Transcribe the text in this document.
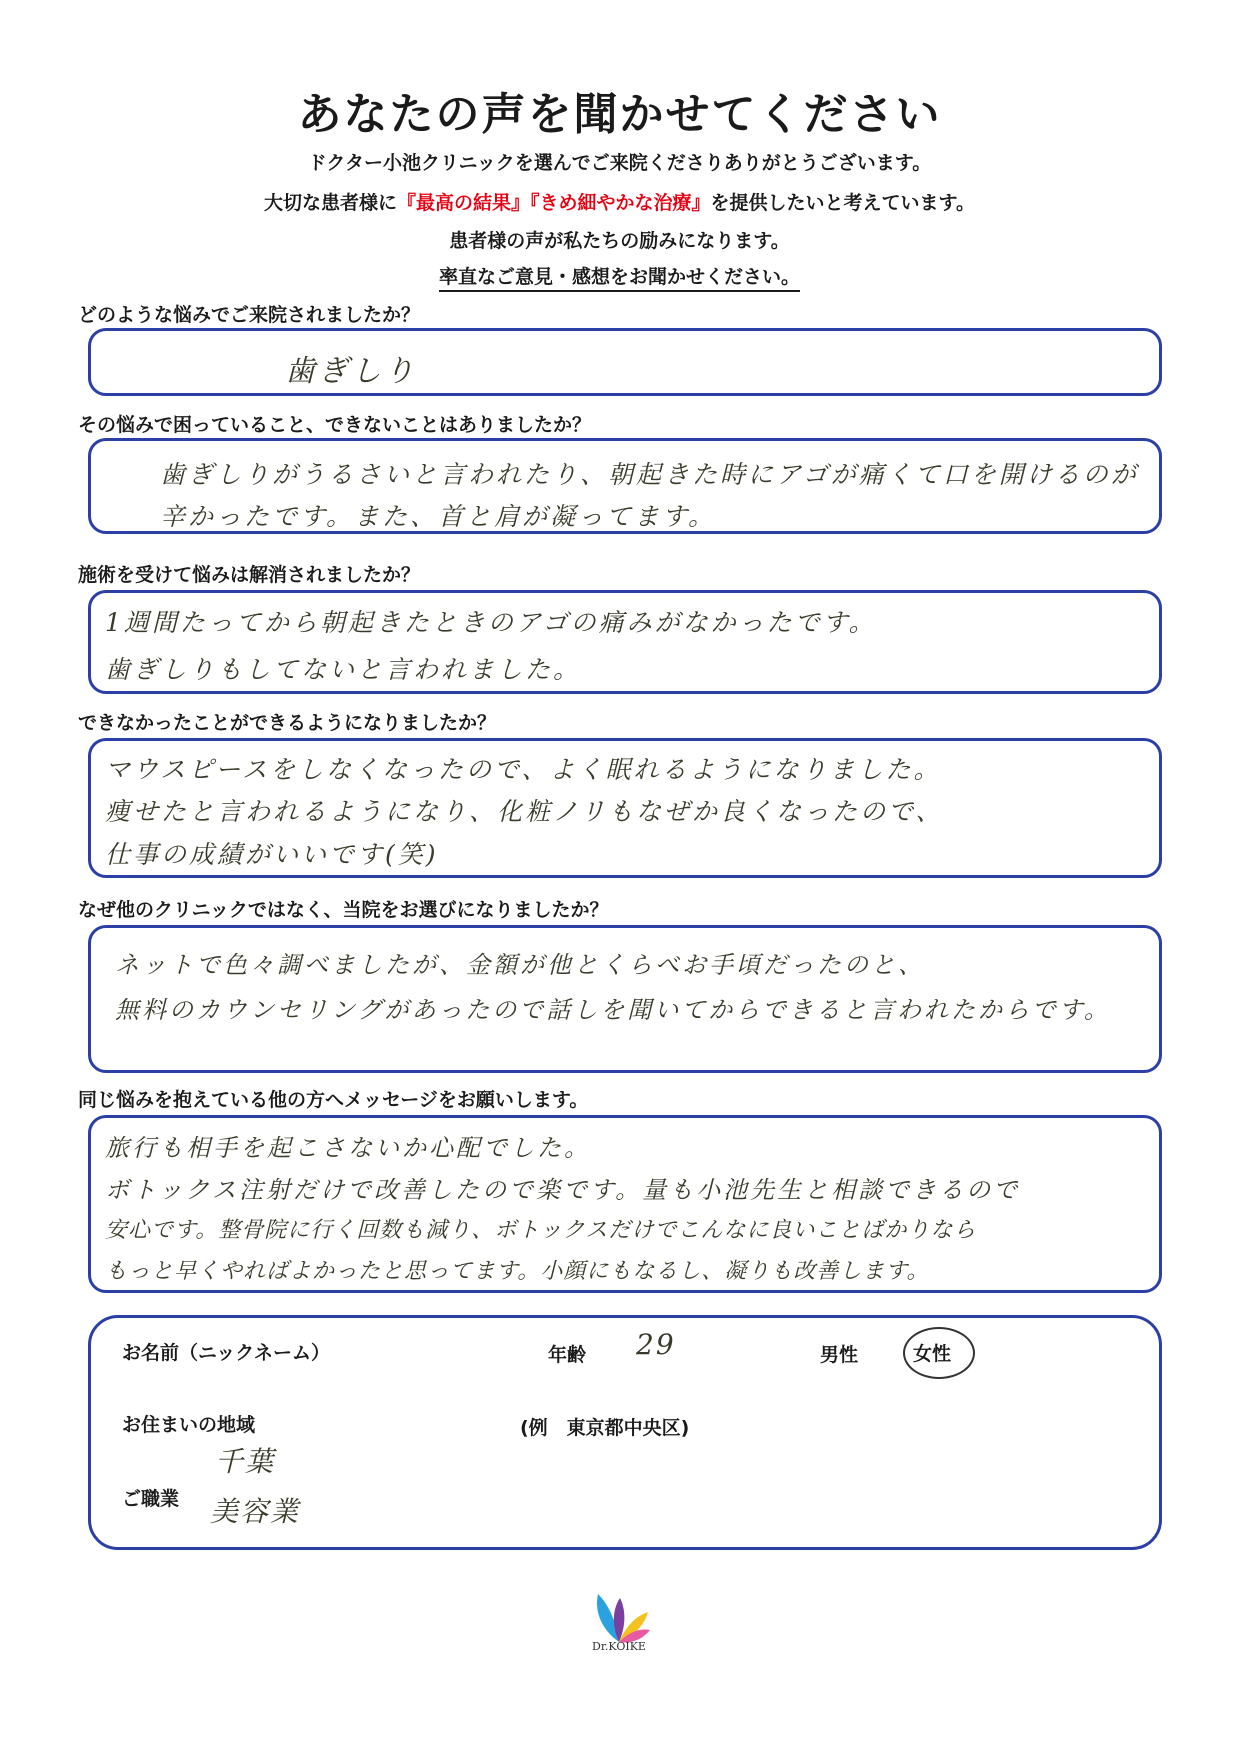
あなたの声を聞かせてください
ドクター小池クリニックを選んでご来院くださりありがとうございます。
大切な患者様に『最高の結果』『きめ細やかな治療』を提供したいと考えています。
患者様の声が私たちの励みになります。
率直なご意見・感想をお聞かせください。
どのような悩みでご来院されましたか？
歯ぎしり
その悩みで困っていること、できないことはありましたか？
歯ぎしりがうるさいと言われたり、朝起きた時にアゴが痛くて口を開けるのが
辛かったです。また、首と肩が凝ってます。
施術を受けて悩みは解消されましたか？
1週間たってから朝起きたときのアゴの痛みがなかったです。
歯ぎしりもしてないと言われました。
できなかったことができるようになりましたか？
マウスピースをしなくなったので、よく眠れるようになりました。
痩せたと言われるようになり、化粧ノリもなぜか良くなったので、
仕事の成績がいいです(笑)
なぜ他のクリニックではなく、当院をお選びになりましたか？
ネットで色々調べましたが、金額が他とくらべお手頃だったのと、
無料のカウンセリングがあったので話しを聞いてからできると言われたからです。
同じ悩みを抱えている他の方へメッセージをお願いします。
旅行も相手を起こさないか心配でした。
ボトックス注射だけで改善したので楽です。量も小池先生と相談できるので
安心です。整骨院に行く回数も減り、ボトックスだけでこんなに良いことばかりなら
もっと早くやればよかったと思ってます。小顔にもなるし、凝りも改善します。
お名前（ニックネーム）	年齢 29	男性	女性
お住まいの地域	(例　東京都中央区)
千葉
ご職業 美容業
Dr.KOIKE
